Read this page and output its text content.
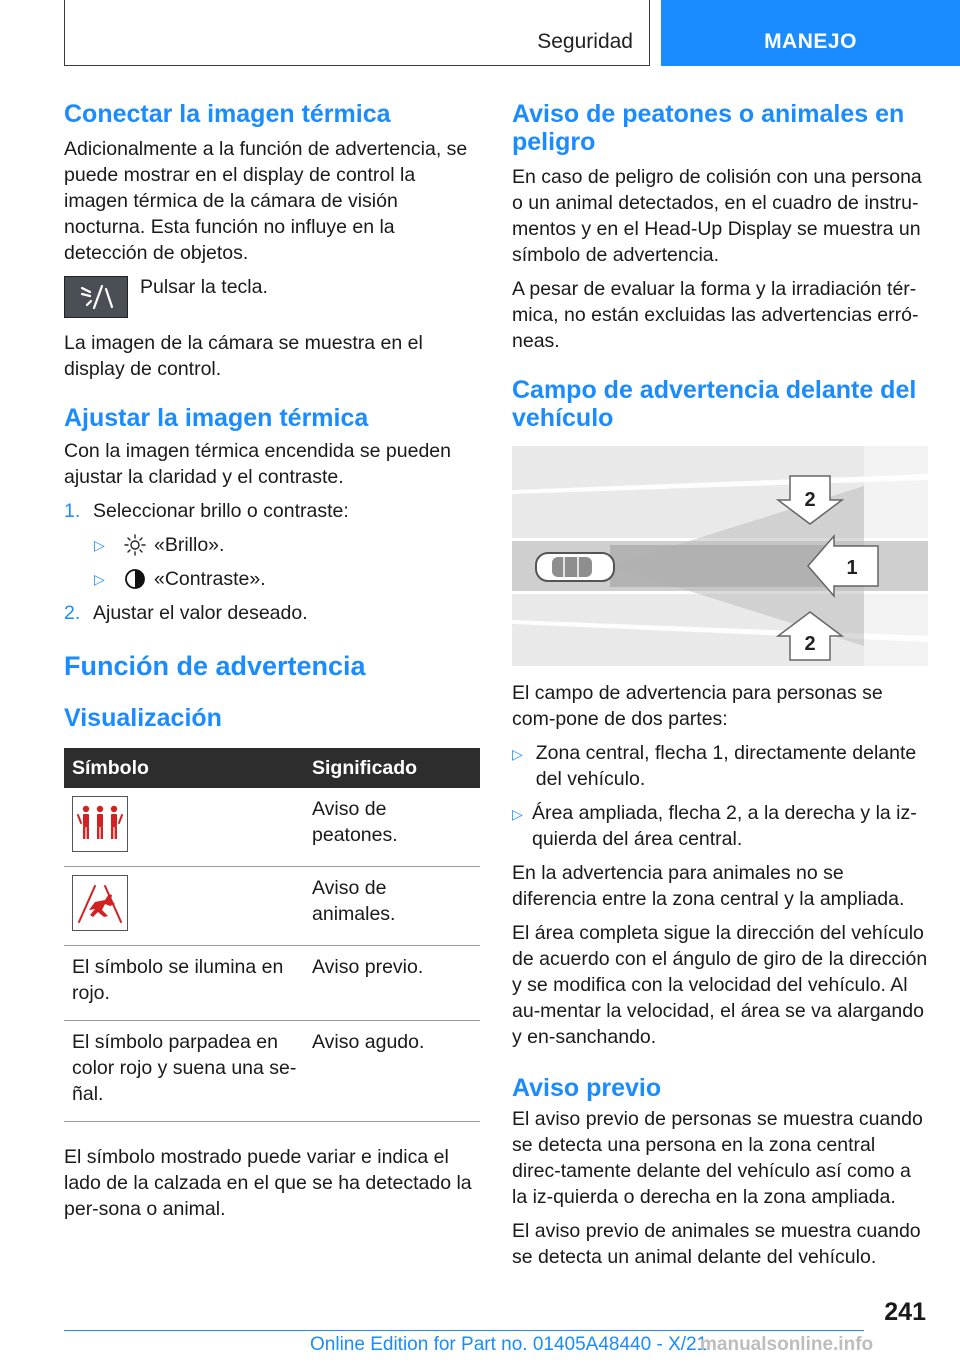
Seguridad	MANEJO
Conectar la imagen térmica

Adicionalmente a la función de advertencia, se puede mostrar en el display de control la imagen térmica de la cámara de visión nocturna. Esta función no influye en la detección de objetos.

Pulsar la tecla.

La imagen de la cámara se muestra en el display de control.

Ajustar la imagen térmica

Con la imagen térmica encendida se pueden ajustar la claridad y el contraste.

1. Seleccionar brillo o contraste:
▷	«Brillo».
▷	«Contraste».
2. Ajustar el valor deseado.
Función de advertencia
Visualización
Símbolo	Significado

	Aviso de peatones.

	Aviso de animales.
El símbolo se ilumina en rojo.	Aviso previo.
El símbolo parpadea en color rojo y suena una se-ñal.	Aviso agudo.

El símbolo mostrado puede variar e indica el lado de la calzada en el que se ha detectado la per-sona o animal.

Aviso de peatones o animales en peligro

En caso de peligro de colisión con una persona o un animal detectados, en el cuadro de instru-mentos y en el Head-Up Display se muestra un símbolo de advertencia.

A pesar de evaluar la forma y la irradiación tér-mica, no están excluidas las advertencias erró-neas.

Campo de advertencia delante del vehículo
2
1
2

El campo de advertencia para personas se com-pone de dos partes:

▷ Zona central, flecha 1, directamente delante del vehículo.
▷ Área ampliada, flecha 2, a la derecha y la iz-quierda del área central.

En la advertencia para animales no se diferencia entre la zona central y la ampliada.

El área completa sigue la dirección del vehículo de acuerdo con el ángulo de giro de la dirección y se modifica con la velocidad del vehículo. Al au-mentar la velocidad, el área se va alargando y en-sanchando.

Aviso previo

El aviso previo de personas se muestra cuando se detecta una persona en la zona central direc-tamente delante del vehículo así como a la iz-quierda o derecha en la zona ampliada.

El aviso previo de animales se muestra cuando se detecta un animal delante del vehículo.

241
Online Edition for Part no. 01405A48440 - X/21
manualsonline.info
